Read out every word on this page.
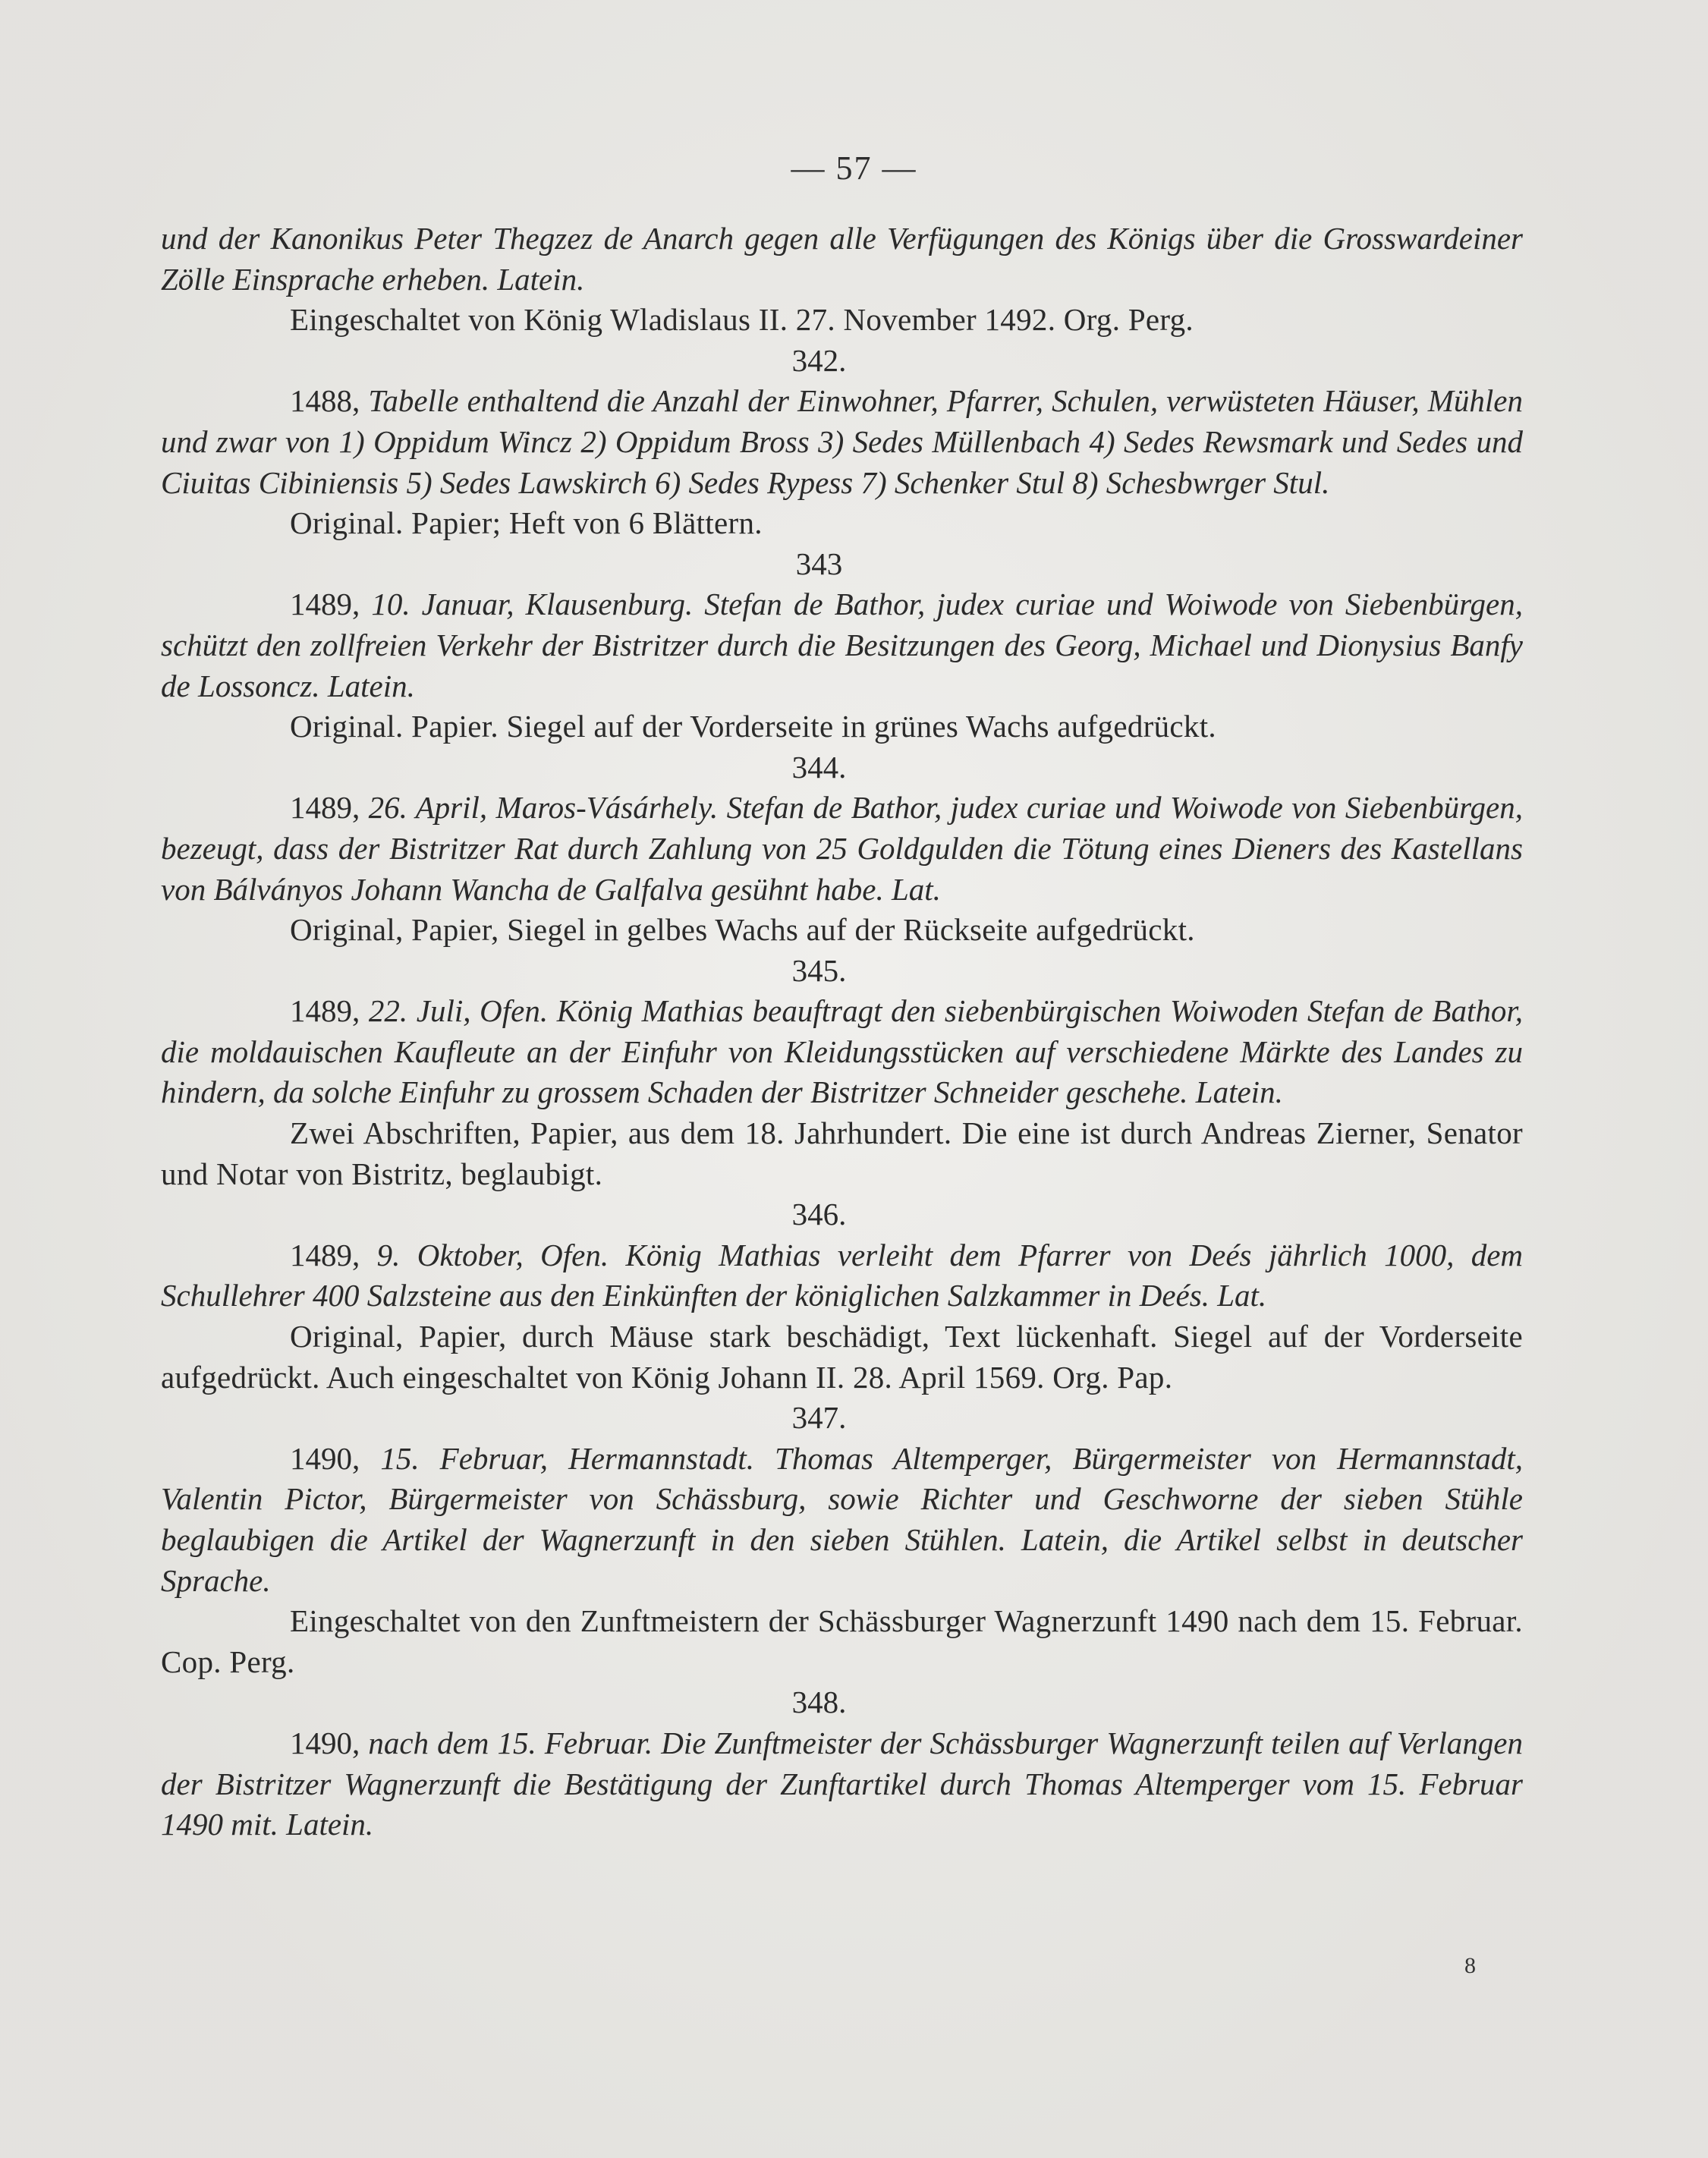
— 57 —

und der Kanonikus Peter Thegzez de Anarch gegen alle Verfügungen des Königs über die Grosswardeiner Zölle Einsprache erheben. Latein.

Eingeschaltet von König Wladislaus II. 27. November 1492. Org. Perg.

342.

1488, Tabelle enthaltend die Anzahl der Einwohner, Pfarrer, Schulen, verwüsteten Häuser, Mühlen und zwar von 1) Oppidum Wincz 2) Oppidum Bross 3) Sedes Müllenbach 4) Sedes Rewsmark und Sedes und Ciuitas Cibiniensis 5) Sedes Lawskirch 6) Sedes Rypess 7) Schenker Stul 8) Schesbwrger Stul.

Original. Papier; Heft von 6 Blättern.

343

1489, 10. Januar, Klausenburg. Stefan de Bathor, judex curiae und Woiwode von Siebenbürgen, schützt den zollfreien Verkehr der Bistritzer durch die Besitzungen des Georg, Michael und Dionysius Banfy de Lossoncz. Latein.

Original. Papier. Siegel auf der Vorderseite in grünes Wachs aufgedrückt.

344.

1489, 26. April, Maros-Vásárhely. Stefan de Bathor, judex curiae und Woiwode von Siebenbürgen, bezeugt, dass der Bistritzer Rat durch Zahlung von 25 Goldgulden die Tötung eines Dieners des Kastellans von Bálványos Johann Wancha de Galfalva gesühnt habe. Lat.

Original, Papier, Siegel in gelbes Wachs auf der Rückseite aufgedrückt.

345.

1489, 22. Juli, Ofen. König Mathias beauftragt den siebenbürgischen Woiwoden Stefan de Bathor, die moldauischen Kaufleute an der Einfuhr von Kleidungsstücken auf verschiedene Märkte des Landes zu hindern, da solche Einfuhr zu grossem Schaden der Bistritzer Schneider geschehe. Latein.

Zwei Abschriften, Papier, aus dem 18. Jahrhundert. Die eine ist durch Andreas Zierner, Senator und Notar von Bistritz, beglaubigt.

346.

1489, 9. Oktober, Ofen. König Mathias verleiht dem Pfarrer von Deés jährlich 1000, dem Schullehrer 400 Salzsteine aus den Einkünften der königlichen Salzkammer in Deés. Lat.

Original, Papier, durch Mäuse stark beschädigt, Text lückenhaft. Siegel auf der Vorderseite aufgedrückt. Auch eingeschaltet von König Johann II. 28. April 1569. Org. Pap.

347.

1490, 15. Februar, Hermannstadt. Thomas Altemperger, Bürgermeister von Hermannstadt, Valentin Pictor, Bürgermeister von Schässburg, sowie Richter und Geschworne der sieben Stühle beglaubigen die Artikel der Wagnerzunft in den sieben Stühlen. Latein, die Artikel selbst in deutscher Sprache.

Eingeschaltet von den Zunftmeistern der Schässburger Wagnerzunft 1490 nach dem 15. Februar. Cop. Perg.

348.

1490, nach dem 15. Februar. Die Zunftmeister der Schässburger Wagnerzunft teilen auf Verlangen der Bistritzer Wagnerzunft die Bestätigung der Zunftartikel durch Thomas Altemperger vom 15. Februar 1490 mit. Latein.

8
